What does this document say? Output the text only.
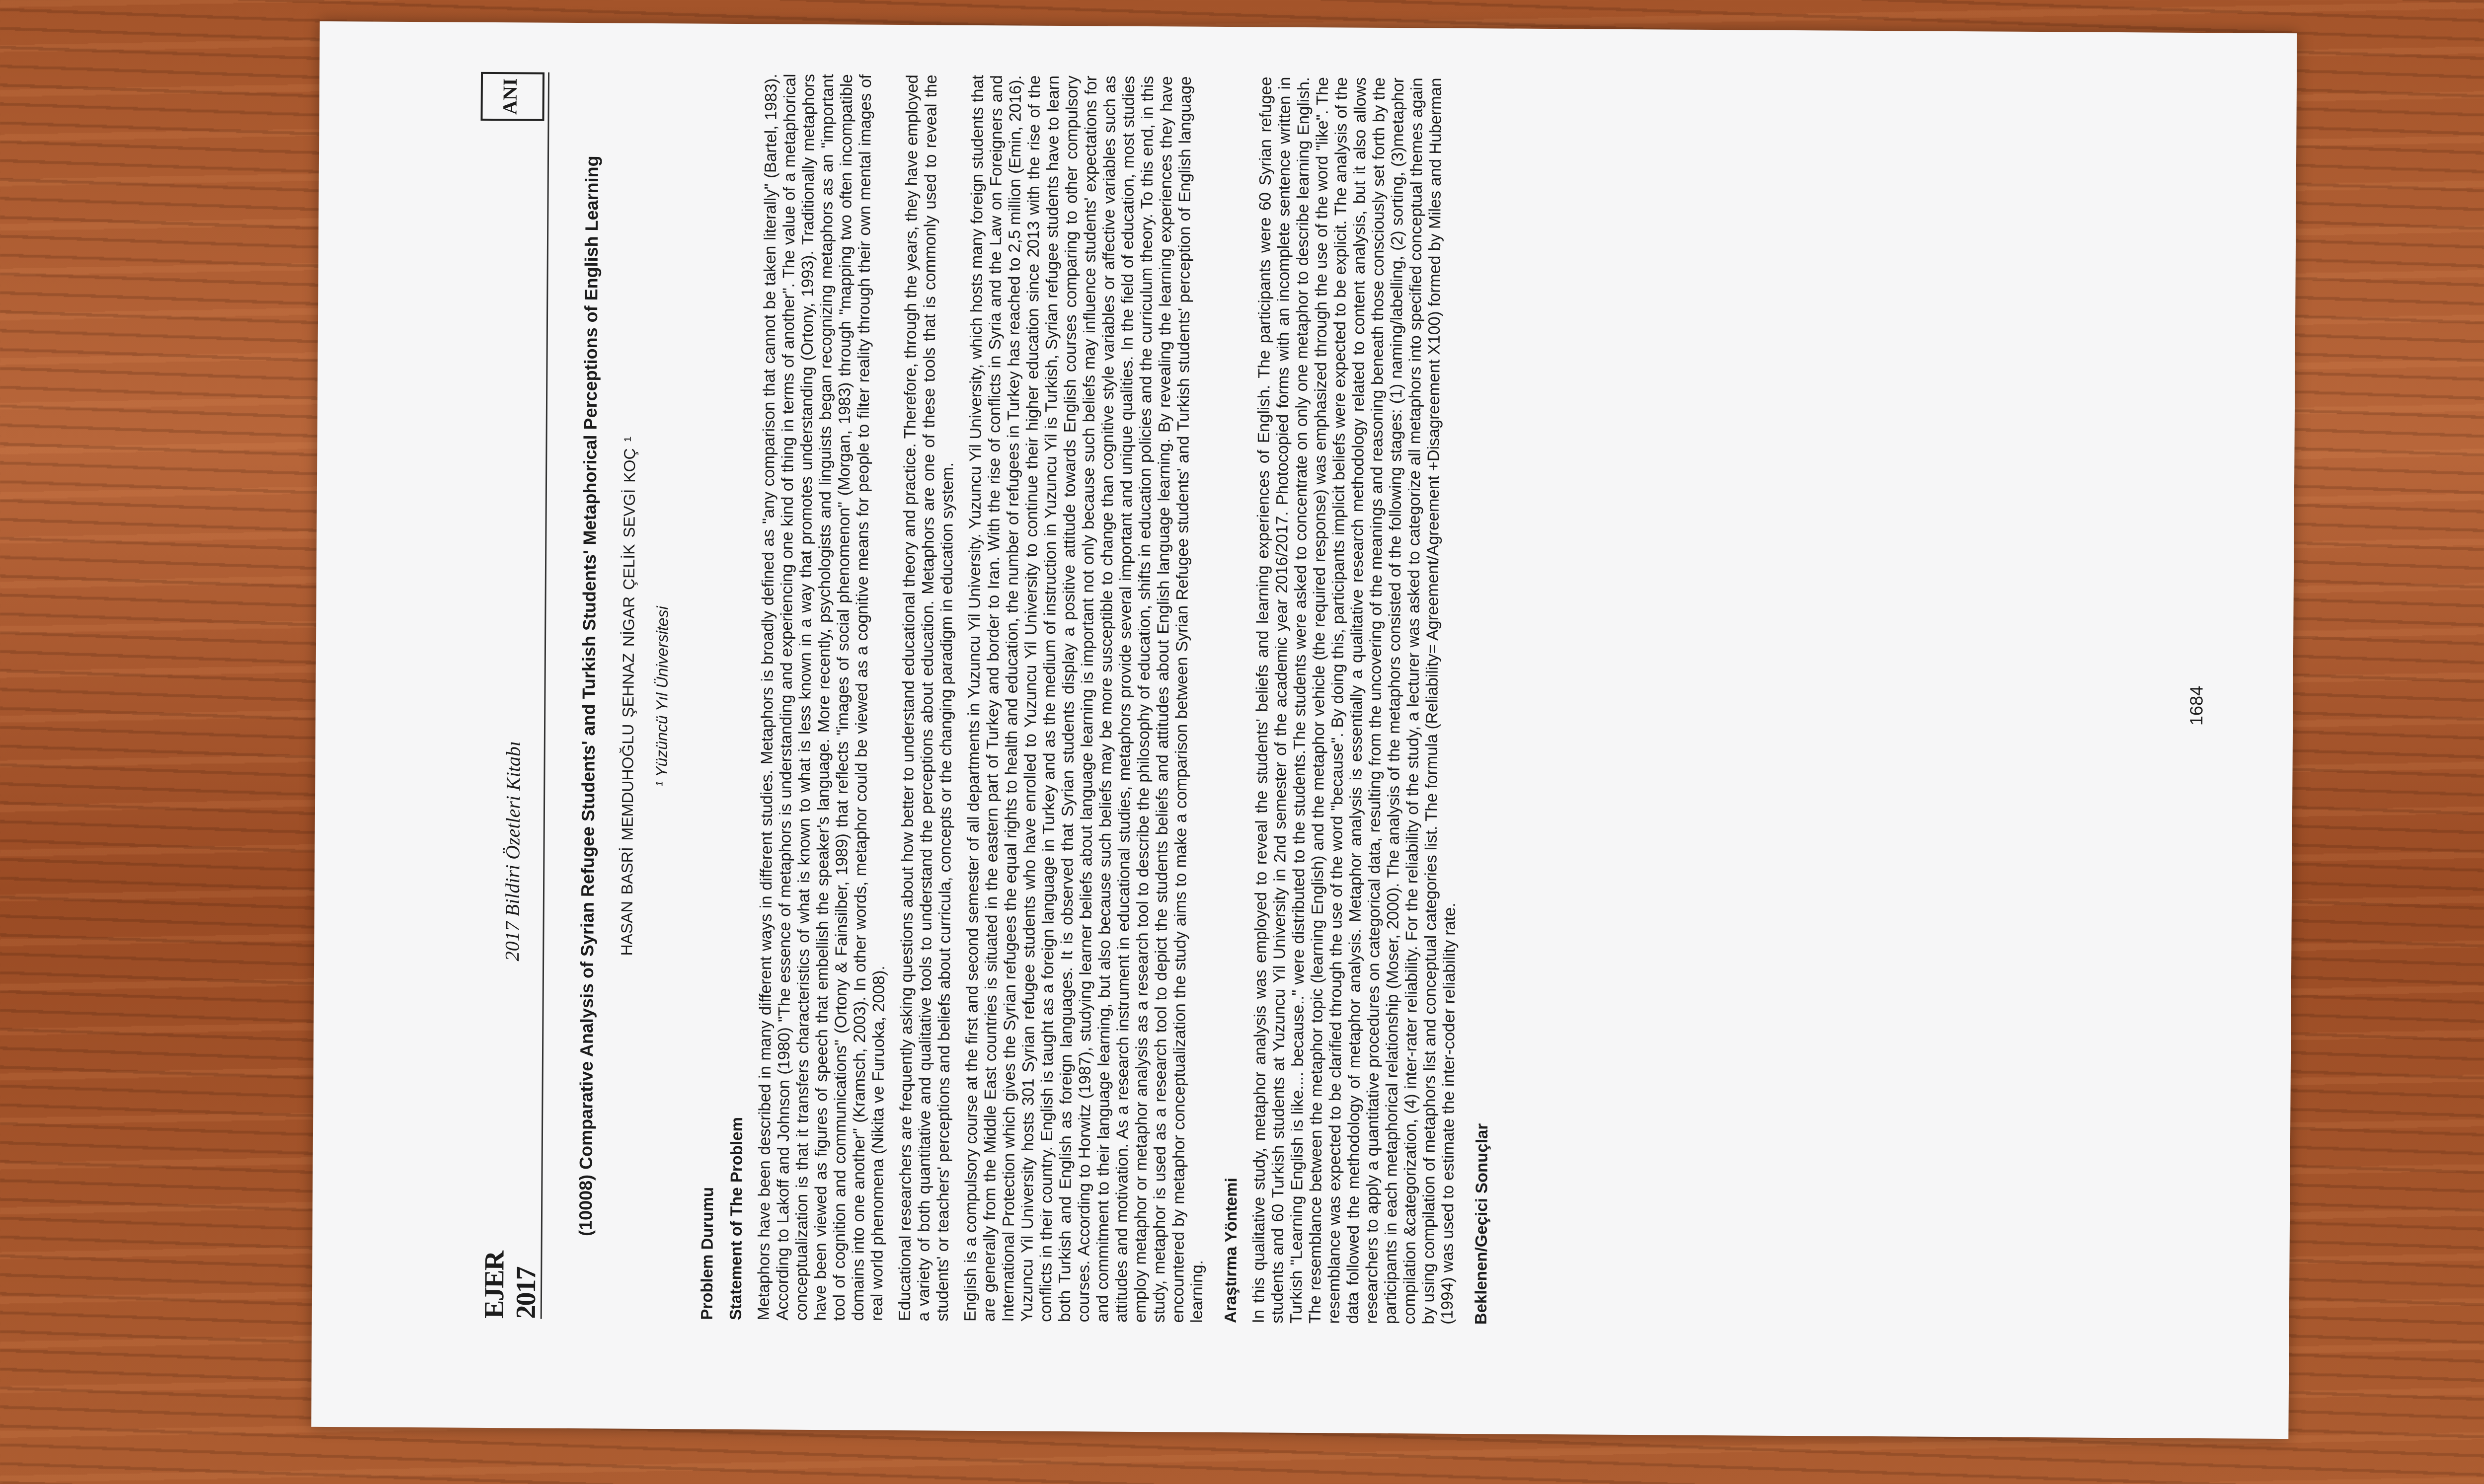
EJER 2017
2017 Bildiri Özetleri Kitabı
ANI
(10008) Comparative Analysis of Syrian Refugee Students' and Turkish Students' Metaphorical Perceptions of English Learning HASAN BASRİ MEMDUHOĞLU ŞEHNAZ NİGAR ÇELİK SEVGİ KOÇ ¹ ¹ Yüzüncü Yıl Üniversitesi
Problem Durumu Statement of The Problem Metaphors have been described in many different ways in different studies. Metaphors is broadly defined as "any comparison that cannot be taken literally" (Bartel, 1983). According to Lakoff and Johnson (1980) "The essence of metaphors is understanding and experiencing one kind of thing in terms of another". The value of a metaphorical conceptualization is that it transfers characteristics of what is known to what is less known in a way that promotes understanding (Ortony, 1993). Traditionally metaphors have been viewed as figures of speech that embellish the speaker's language. More recently, psychologists and linguists began recognizing metaphors as an "important tool of cognition and communications" (Ortony & Fainsilber, 1989) that reflects "images of social phenomenon" (Morgan, 1983) through "mapping two often incompatible domains into one another" (Kramsch, 2003). In other words, metaphor could be viewed as a cognitive means for people to filter reality through their own mental images of real world phenomena (Nikita ve Furuoka, 2008). Educational researchers are frequently asking questions about how better to understand educational theory and practice. Therefore, through the years, they have employed a variety of both quantitative and qualitative tools to understand the perceptions about education. Metaphors are one of these tools that is commonly used to reveal the students' or teachers' perceptions and beliefs about curricula, concepts or the changing paradigm in education system. English is a compulsory course at the first and second semester of all departments in Yuzuncu Yil University. Yuzuncu Yil University, which hosts many foreign students that are generally from the Middle East countries is situated in the eastern part of Turkey and border to Iran. With the rise of conflicts in Syria and the Law on Foreigners and International Protection which gives the Syrian refugees the equal rights to health and education, the number of refugees in Turkey has reached to 2,5 million (Emin, 2016). Yuzuncu Yil University hosts 301 Syrian refugee students who have enrolled to Yuzuncu Yil University to continue their higher education since 2013 with the rise of the conflicts in their country. English is taught as a foreign language in Turkey and as the medium of instruction in Yuzuncu Yil is Turkish, Syrian refugee students have to learn both Turkish and English as foreign languages. It is observed that Syrian students display a positive attitude towards English courses comparing to other compulsory courses. According to Horwitz (1987), studying learner beliefs about language learning is important not only because such beliefs may influence students' expectations for and commitment to their language learning, but also because such beliefs may be more susceptible to change than cognitive style variables or affective variables such as attitudes and motivation. As a research instrument in educational studies, metaphors provide several important and unique qualities. In the field of education, most studies employ metaphor or metaphor analysis as a research tool to describe the philosophy of education, shifts in education policies and the curriculum theory. To this end, in this study, metaphor is used as a research tool to depict the students beliefs and attitudes about English language learning. By revealing the learning experiences they have encountered by metaphor conceptualization the study aims to make a comparison between Syrian Refugee students' and Turkish students' perception of English language learning. Araştırma Yöntemi In this qualitative study, metaphor analysis was employed to reveal the students' beliefs and learning experiences of English. The participants were 60 Syrian refugee students and 60 Turkish students at Yuzuncu Yil University in 2nd semester of the academic year 2016/2017. Photocopied forms with an incomplete sentence written in Turkish "Learning English is like.... because.." were distributed to the students.The students were asked to concentrate on only one metaphor to describe learning English. The resemblance between the metaphor topic (learning English) and the metaphor vehicle (the required response) was emphasized through the use of the word "like". The resemblance was expected to be clarified through the use of the word "because". By doing this, participants implicit beliefs were expected to be explicit. The analysis of the data followed the methodology of metaphor analysis. Metaphor analysis is essentially a qualitative research methodology related to content analysis, but it also allows researchers to apply a quantitative procedures on categorical data, resulting from the uncovering of the meanings and reasoning beneath those consciously set forth by the participants in each metaphorical relationship (Moser, 2000). The analysis of the metaphors consisted of the following stages: (1) naming/labelling, (2) sorting, (3)metaphor compilation &categorization, (4) inter-rater reliability. For the reliability of the study, a lecturer was asked to categorize all metaphors into specified conceptual themes again by using compilation of metaphors list and conceptual categories list. The formula (Reliability= Agreement/Agreement +Disagreement X100) formed by Miles and Huberman (1994) was used to estimate the inter-coder reliability rate. Beklenen/Geçici Sonuçlar
1684
